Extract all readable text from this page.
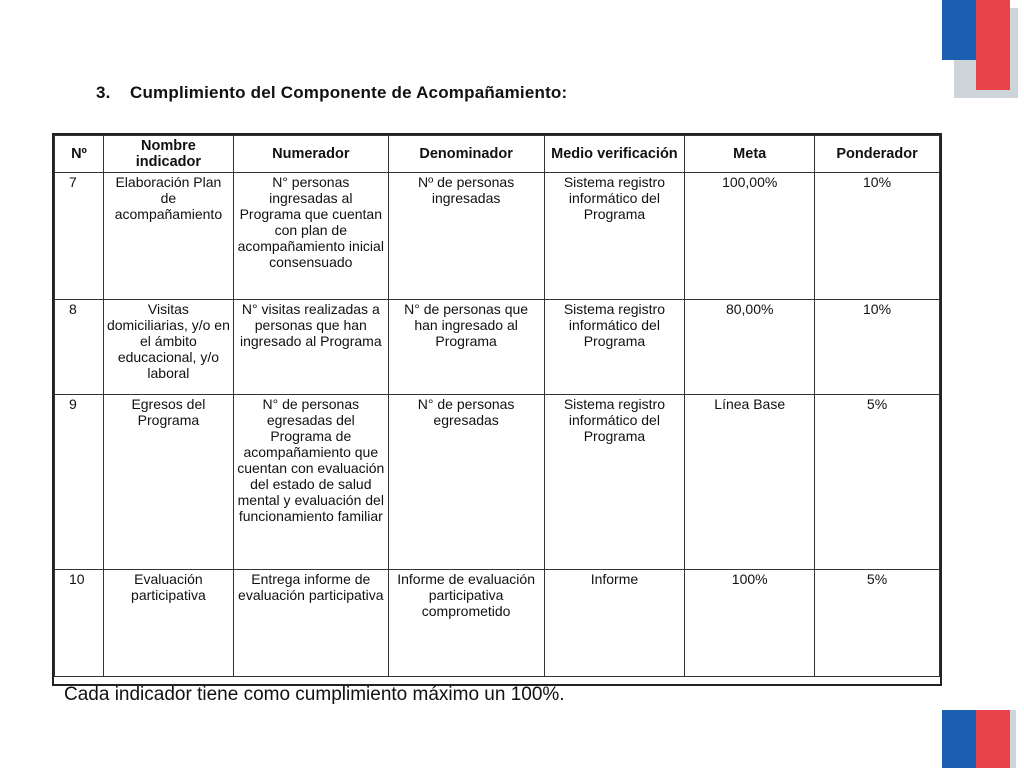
3. Cumplimiento del Componente de Acompañamiento:
Nº	Nombre indicador	Numerador	Denominador	Medio verificación	Meta	Ponderador
7	Elaboración Plan de acompañamiento	N° personas ingresadas al Programa que cuentan con plan de acompañamiento inicial consensuado	Nº de personas ingresadas	Sistema registro informático del Programa	100,00%	10%
8	Visitas domiciliarias, y/o en el ámbito educacional, y/o laboral	N° visitas realizadas a personas que han ingresado al Programa	N° de personas que han ingresado al Programa	Sistema registro informático del Programa	80,00%	10%
9	Egresos del Programa	N° de personas egresadas del Programa de acompañamiento que cuentan con evaluación del estado de salud mental y evaluación del funcionamiento familiar	N° de personas egresadas	Sistema registro informático del Programa	Línea Base	5%
10	Evaluación participativa	Entrega informe de evaluación participativa	Informe de evaluación participativa comprometido	Informe	100%	5%
Cada indicador tiene como cumplimiento máximo un 100%.
